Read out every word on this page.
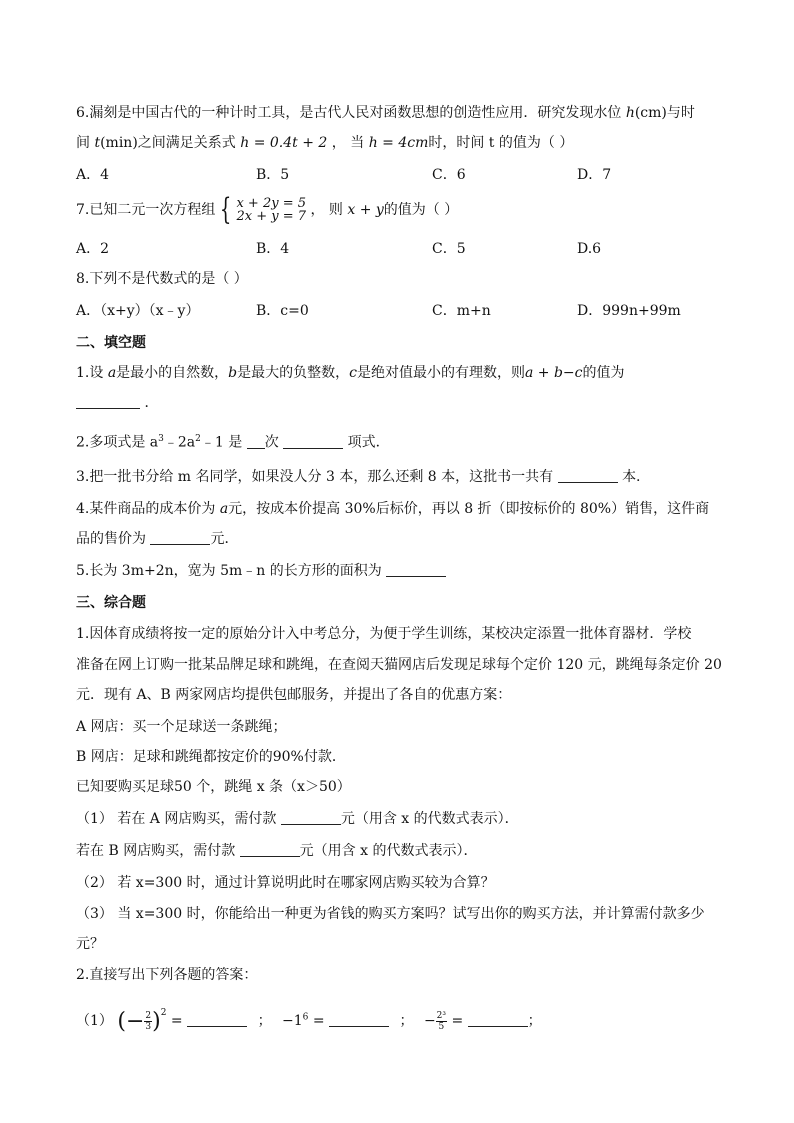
6.漏刻是中国古代的一种计时工具，是古代人民对函数思想的创造性应用．研究发现水位 h(cm)与时
间 t(min)之间满足关系式 h = 0.4t + 2 ， 当 h = 4cm时，时间 t 的值为（ ）
A．4	B．5	C．6	D．7
7.已知二元一次方程组 { x + 2y = 5
2x + y = 7 ， 则 x + y的值为（ ）
A．2	B．4	C．5	D.6
8.下列不是代数式的是（ ）
A．（x+y）（x﹣y）	B．c=0	C．m+n	D．999n+99m
二、填空题
1.设 a是最小的自然数，b是最大的负整数，c是绝对值最小的有理数，则a + b−c的值为
．
2.多项式是 $a^3﹣2a^2﹣1$ 是 次	项式．
3.把一批书分给 m 名同学，如果没人分 3 本，那么还剩 8 本，这批书一共有	本.
4.某件商品的成本价为 a元，按成本价提高 30%后标价，再以 8 折（即按标价的 80%）销售，这件商
品的售价为	元．
5.长为 3m+2n，宽为 5m﹣n 的长方形的面积为
三、综合题
1.因体育成绩将按一定的原始分计入中考总分，为便于学生训练，某校决定添置一批体育器材．学校
准备在网上订购一批某品牌足球和跳绳，在查阅天猫网店后发现足球每个定价 120 元，跳绳每条定价 20
元．现有 A、B 两家网店均提供包邮服务，并提出了各自的优惠方案：
A 网店：买一个足球送一条跳绳；
B 网店：足球和跳绳都按定价的90%付款．
已知要购买足球50 个，跳绳 x 条（x＞50）
（1） 若在 A 网店购买，需付款	元（用含 x 的代数式表示）．
若在 B 网店购买，需付款	元（用含 x 的代数式表示）．
（2） 若 x=300 时，通过计算说明此时在哪家网店购买较为合算？
（3） 当 x=300 时，你能给出一种更为省钱的购买方案吗？试写出你的购买方法，并计算需付款多少
元？
2.直接写出下列各题的答案：
（1） (− $\frac{2}{3} )^2$ =	； $-1^6$ =	； − $\frac{\text{2³}}{5}$ =	；
